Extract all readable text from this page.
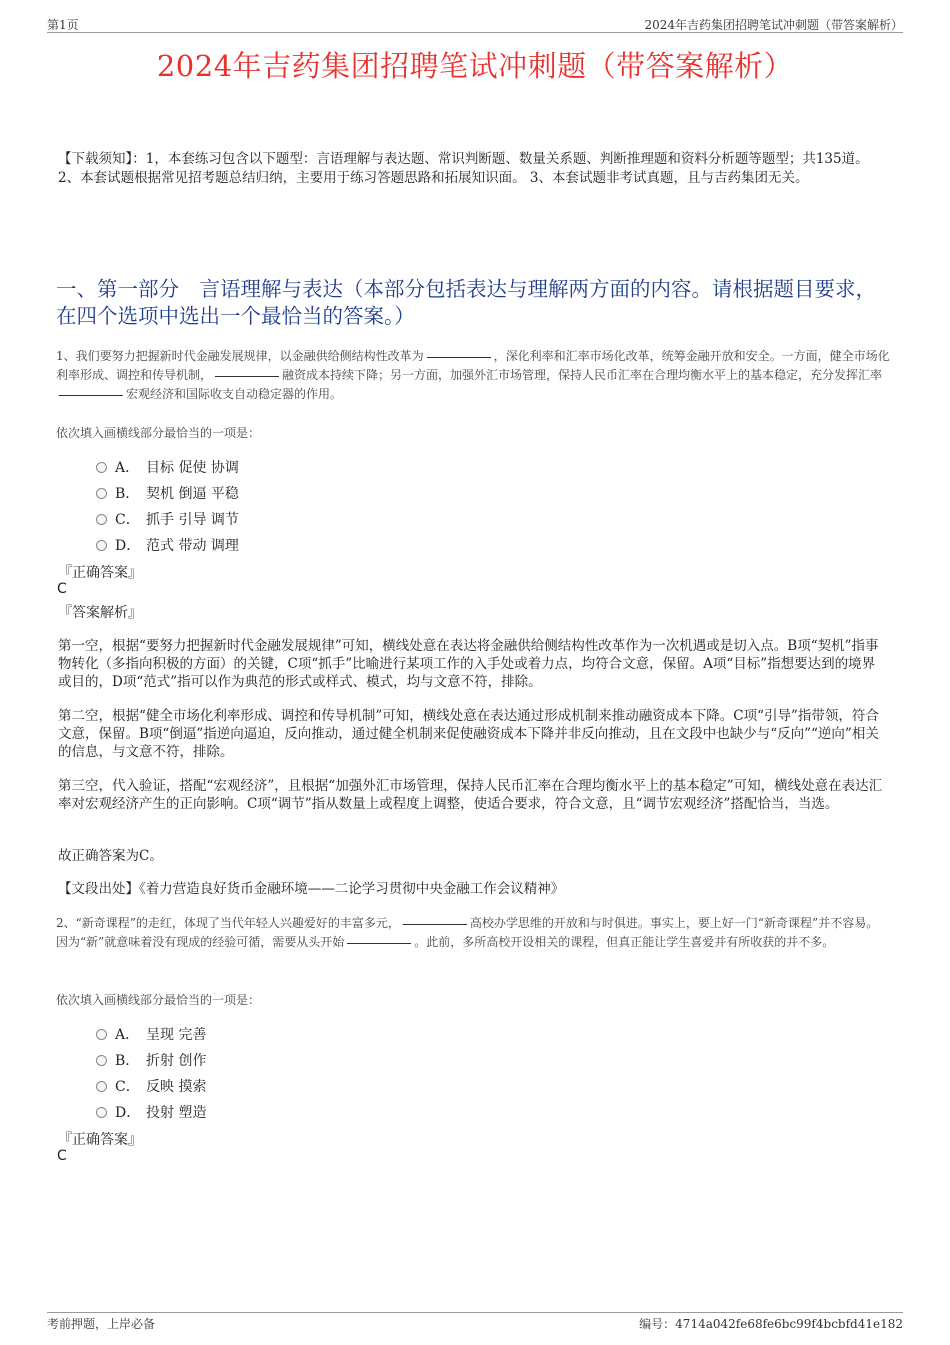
第1页	2024年吉药集团招聘笔试冲刺题（带答案解析）
2024年吉药集团招聘笔试冲刺题（带答案解析）
【下载须知】：1，本套练习包含以下题型：言语理解与表达题、常识判断题、数量关系题、判断推理题和资料分析题等题型；共135道。 2、本套试题根据常见招考题总结归纳，主要用于练习答题思路和拓展知识面。 3、本套试题非考试真题，且与吉药集团无关。
一、第一部分　言语理解与表达（本部分包括表达与理解两方面的内容。请根据题目要求，在四个选项中选出一个最恰当的答案。）
1、我们要努力把握新时代金融发展规律，以金融供给侧结构性改革为	，深化利率和汇率市场化改革，统筹金融开放和安全。一方面，健全市场化利率形成、调控和传导机制，	融资成本持续下降；另一方面，加强外汇市场管理，保持人民币汇率在合理均衡水平上的基本稳定，充分发挥汇率宏观经济和国际收支自动稳定器的作用。
依次填入画横线部分最恰当的一项是：
A． 目标 促使 协调
B． 契机 倒逼 平稳
C． 抓手 引导 调节
D． 范式 带动 调理
『正确答案』
C
『答案解析』
第一空，根据“要努力把握新时代金融发展规律”可知，横线处意在表达将金融供给侧结构性改革作为一次机遇或是切入点。B项“契机”指事物转化（多指向积极的方面）的关键，C项“抓手”比喻进行某项工作的入手处或着力点，均符合文意，保留。A项“目标”指想要达到的境界或目的，D项“范式”指可以作为典范的形式或样式、模式，均与文意不符，排除。
第二空，根据“健全市场化利率形成、调控和传导机制”可知，横线处意在表达通过形成机制来推动融资成本下降。C项“引导”指带领，符合文意，保留。B项“倒逼”指逆向逼迫，反向推动，通过健全机制来促使融资成本下降并非反向推动，且在文段中也缺少与“反向”“逆向”相关的信息，与文意不符，排除。
第三空，代入验证，搭配“宏观经济”，且根据“加强外汇市场管理，保持人民币汇率在合理均衡水平上的基本稳定”可知，横线处意在表达汇率对宏观经济产生的正向影响。C项“调节”指从数量上或程度上调整，使适合要求，符合文意，且“调节宏观经济”搭配恰当，当选。
故正确答案为C。
【文段出处】《着力营造良好货币金融环境——二论学习贯彻中央金融工作会议精神》
2、“新奇课程”的走红，体现了当代年轻人兴趣爱好的丰富多元，	高校办学思维的开放和与时俱进。事实上，要上好一门“新奇课程”并不容易。因为“新”就意味着没有现成的经验可循，需要从头开始	。此前，多所高校开设相关的课程，但真正能让学生喜爱并有所收获的并不多。
依次填入画横线部分最恰当的一项是：
A． 呈现 完善
B． 折射 创作
C． 反映 摸索
D． 投射 塑造
『正确答案』
C
考前押题，上岸必备	编号：4714a042fe68fe6bc99f4bcbfd41e182
